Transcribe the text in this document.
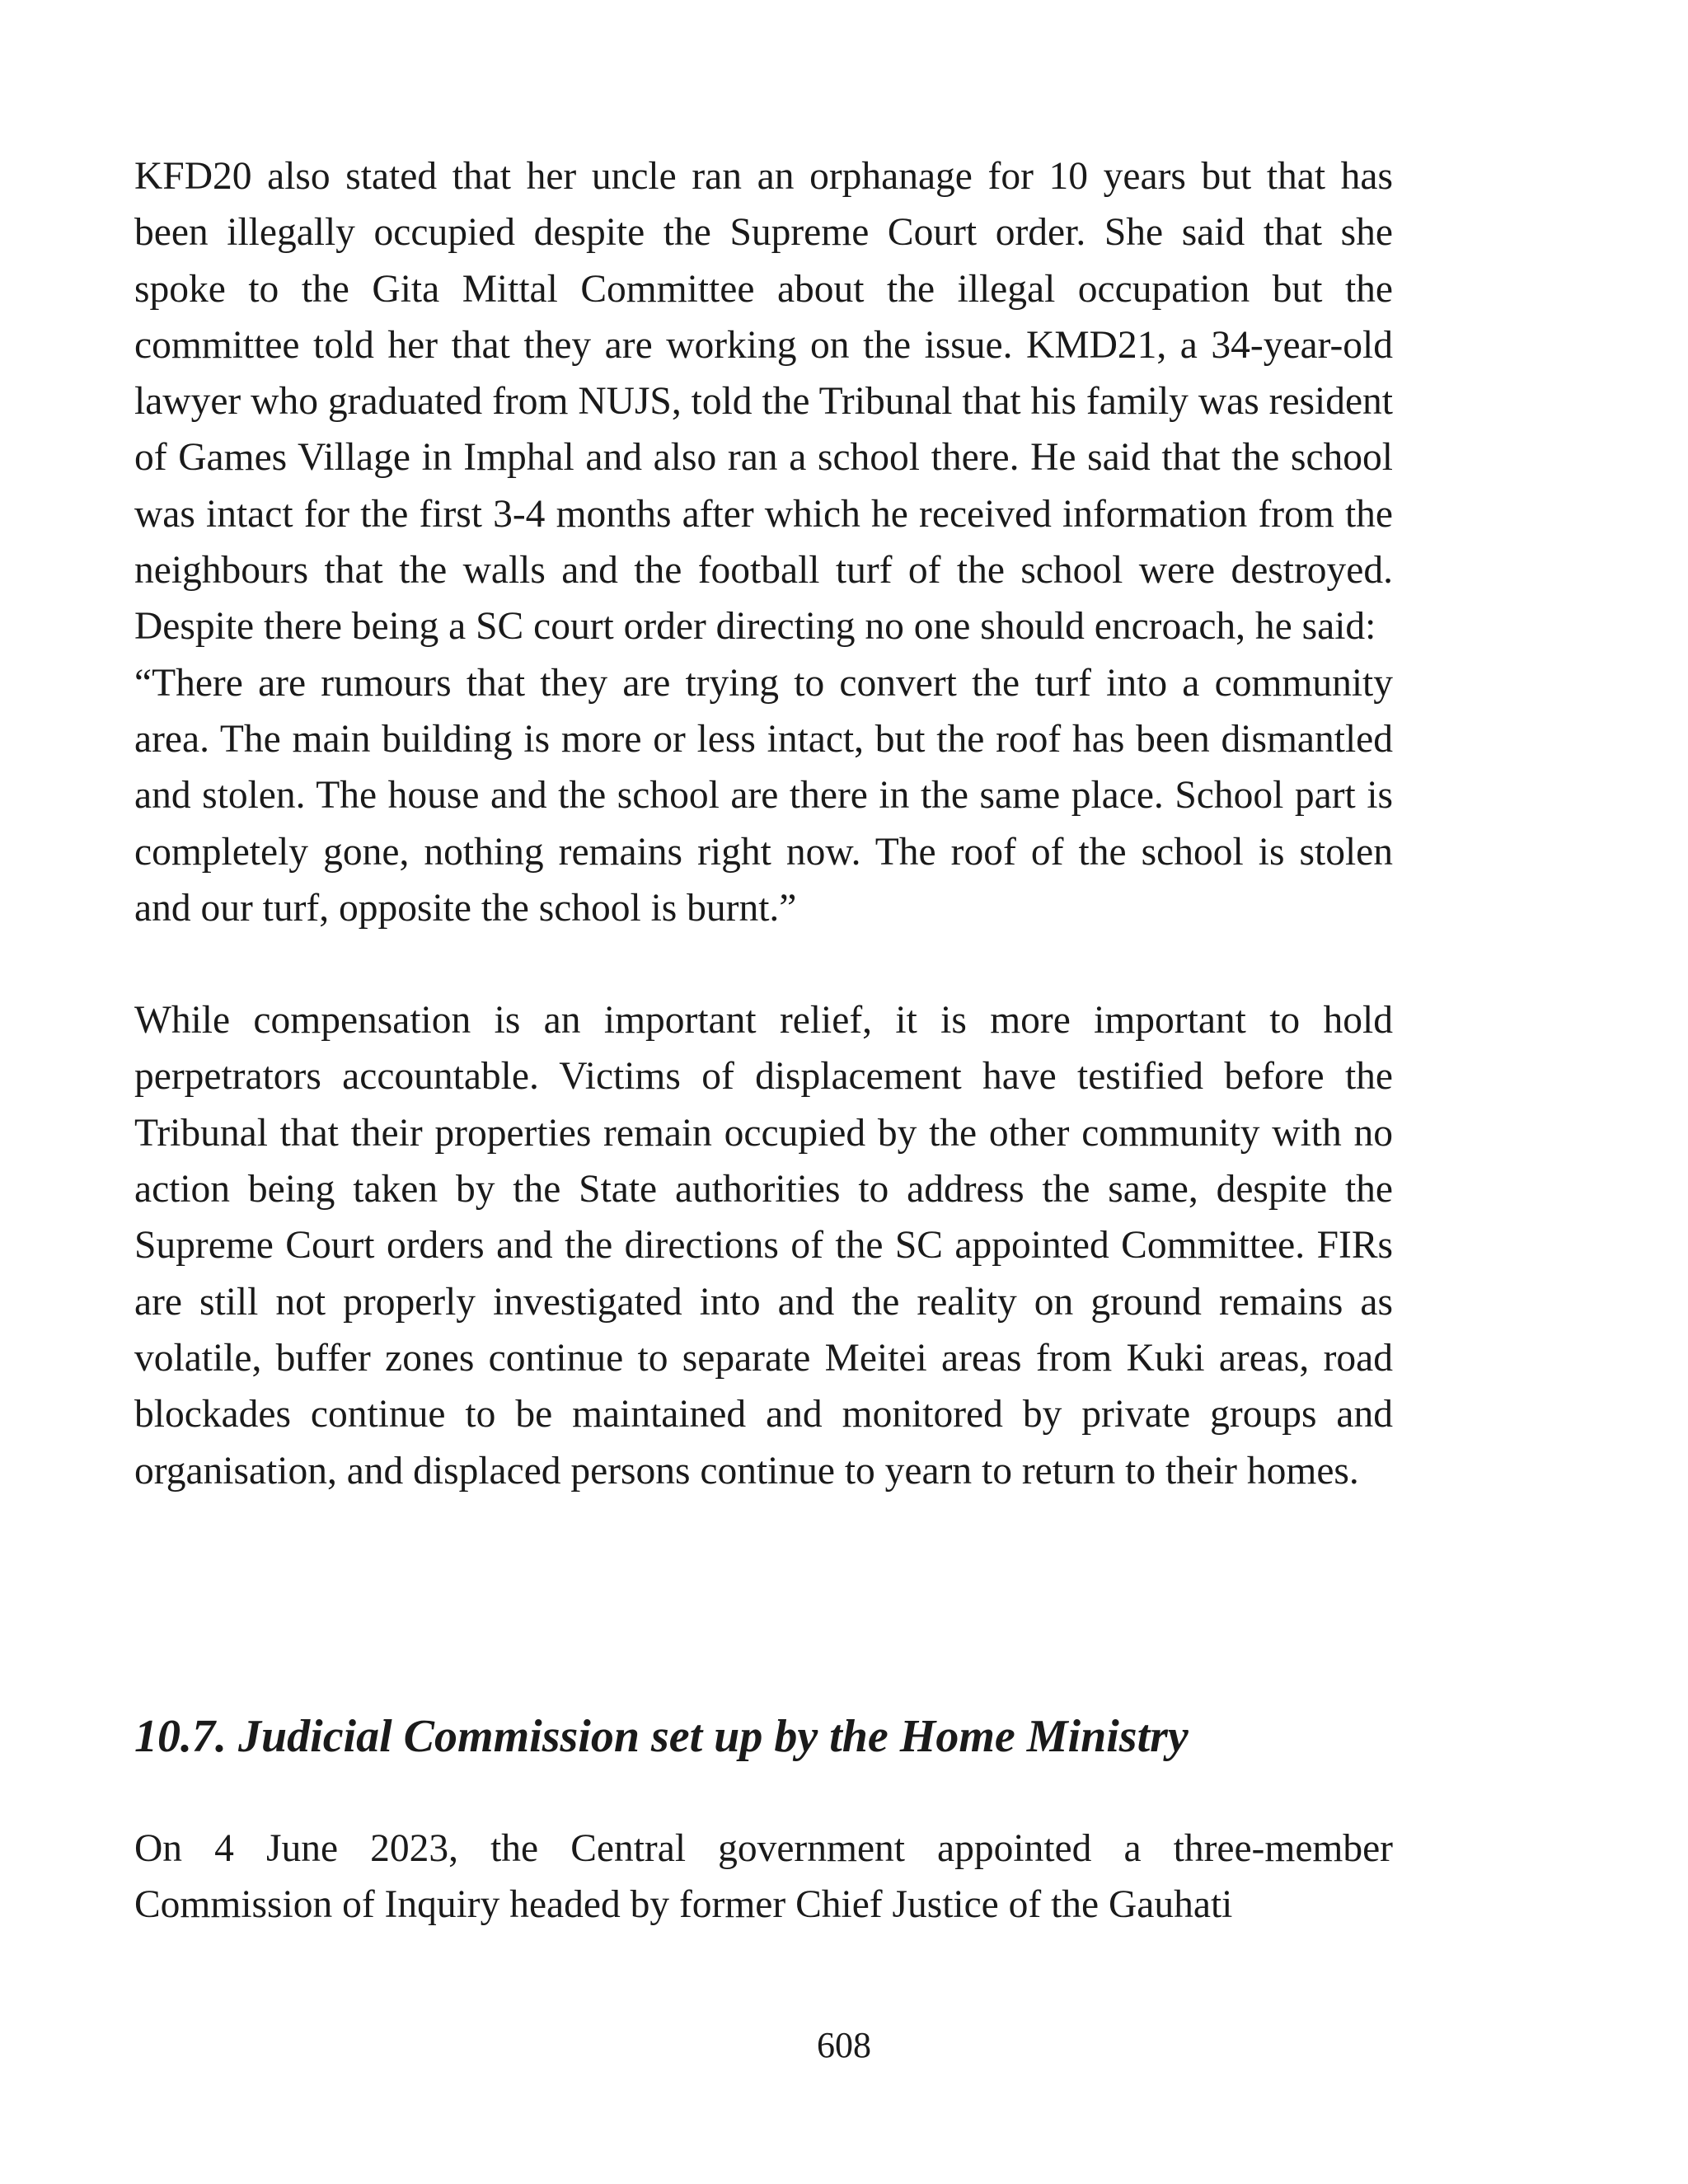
KFD20 also stated that her uncle ran an orphanage for 10 years but that has been illegally occupied despite the Supreme Court order. She said that she spoke to the Gita Mittal Committee about the illegal occupation but the committee told her that they are working on the issue. KMD21, a 34-year-old lawyer who graduated from NUJS, told the Tribunal that his family was resident of Games Village in Imphal and also ran a school there. He said that the school was intact for the first 3-4 months after which he received information from the neighbours that the walls and the football turf of the school were destroyed. Despite there being a SC court order directing no one should encroach, he said:

“There are rumours that they are trying to convert the turf into a community area. The main building is more or less intact, but the roof has been dismantled and stolen. The house and the school are there in the same place. School part is completely gone, nothing remains right now. The roof of the school is stolen and our turf, opposite the school is burnt.”

While compensation is an important relief, it is more important to hold perpetrators accountable. Victims of displacement have testified before the Tribunal that their properties remain occupied by the other community with no action being taken by the State authorities to address the same, despite the Supreme Court orders and the directions of the SC appointed Committee. FIRs are still not properly investigated into and the reality on ground remains as volatile, buffer zones continue to separate Meitei areas from Kuki areas, road blockades continue to be maintained and monitored by private groups and organisation, and displaced persons continue to yearn to return to their homes.

10.7. Judicial Commission set up by the Home Ministry

On 4 June 2023, the Central government appointed a three-member Commission of Inquiry headed by former Chief Justice of the Gauhati

608
